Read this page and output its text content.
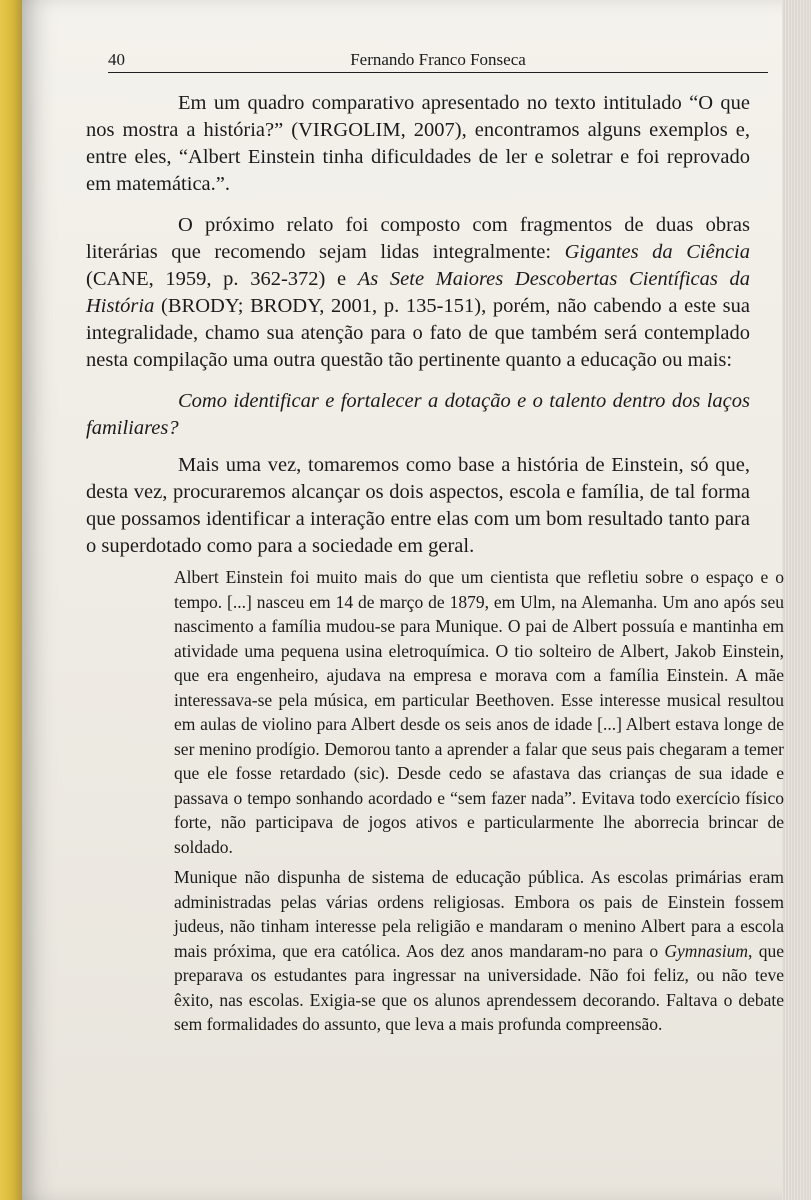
40	Fernando Franco Fonseca

Em um quadro comparativo apresentado no texto intitulado “O que nos mostra a história?” (VIRGOLIM, 2007), encontramos alguns exemplos e, entre eles, “Albert Einstein tinha dificuldades de ler e soletrar e foi reprovado em matemática.”.

O próximo relato foi composto com fragmentos de duas obras literárias que recomendo sejam lidas integralmente: Gigantes da Ciência (CANE, 1959, p. 362-372) e As Sete Maiores Descobertas Científicas da História (BRODY; BRODY, 2001, p. 135-151), porém, não cabendo a este sua integralidade, chamo sua atenção para o fato de que também será contemplado nesta compilação uma outra questão tão pertinente quanto a educação ou mais:

Como identificar e fortalecer a dotação e o talento dentro dos laços familiares?

Mais uma vez, tomaremos como base a história de Einstein, só que, desta vez, procuraremos alcançar os dois aspectos, escola e família, de tal forma que possamos identificar a interação entre elas com um bom resultado tanto para o superdotado como para a sociedade em geral.

Albert Einstein foi muito mais do que um cientista que refletiu sobre o espaço e o tempo. [...] nasceu em 14 de março de 1879, em Ulm, na Alemanha. Um ano após seu nascimento a família mudou-se para Munique. O pai de Albert possuía e mantinha em atividade uma pequena usina eletroquímica. O tio solteiro de Albert, Jakob Einstein, que era engenheiro, ajudava na empresa e morava com a família Einstein. A mãe interessava-se pela música, em particular Beethoven. Esse interesse musical resultou em aulas de violino para Albert desde os seis anos de idade [...] Albert estava longe de ser menino prodígio. Demorou tanto a aprender a falar que seus pais chegaram a temer que ele fosse retardado (sic). Desde cedo se afastava das crianças de sua idade e passava o tempo sonhando acordado e “sem fazer nada”. Evitava todo exercício físico forte, não participava de jogos ativos e particularmente lhe aborrecia brincar de soldado.

Munique não dispunha de sistema de educação pública. As escolas primárias eram administradas pelas várias ordens religiosas. Embora os pais de Einstein fossem judeus, não tinham interesse pela religião e mandaram o menino Albert para a escola mais próxima, que era católica. Aos dez anos mandaram-no para o Gymnasium, que preparava os estudantes para ingressar na universidade. Não foi feliz, ou não teve êxito, nas escolas. Exigia-se que os alunos aprendessem decorando. Faltava o debate sem formalidades do assunto, que leva a mais profunda compreensão.
